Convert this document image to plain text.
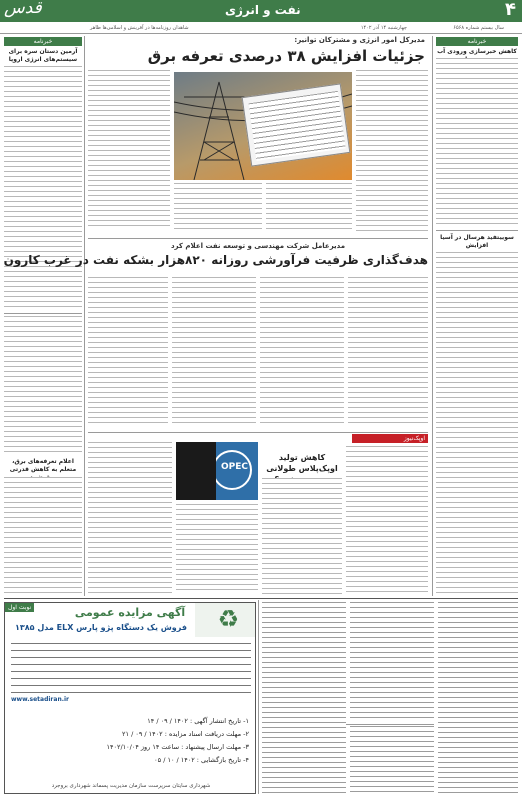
۴
نفت و انرژی
قدس
سال بیستم شماره ۶۵۶۸
چهارشنبه ۱۴ آذر ۱۴۰۲
شاهدان روزنامه‌ها در آفرینش و اسلامی‌ها ظاهر
خبرنامه
آرمین دستان سره برای سیستم‌های انرژی اروپا
اعلام تعرفه‌های برق، متعلم به کاهش قدرتی
مدیرکل امور انرژی و مشترکان توانیر:
جزئیات افزایش ۳۸ درصدی تعرفه برق
مدیرعامل شرکت مهندسی و توسعه نفت اعلام کرد
هدف‌گذاری ظرفیت فرآورشی روزانه ۸۲۰هزار بشکه نفت در غرب کارون
اوپک‌نیوز
OPEC
کاهش تولید اوپک‌پلاس طولانی
خبرنامه
کاهش خبرسازی ورودی آب
سوییتفید هرسال در آسیا افزایش
♻
نوبت اول	آگهی مزایده عمومی
فروش یک دستگاه پژو پارس ELX مدل ۱۳۸۵
www.setadiran.ir
۱- تاریخ انتشار آگهی : ۱۴۰۲ / ۰۹ / ۱۴
۲- مهلت دریافت اسناد مزایده : ۱۴۰۲ / ۰۹ / ۲۱
۳- مهلت ارسال پیشنهاد : ساعت ۱۴ روز ۱۴۰۲/۱۰/۰۴
۴- تاریخ بازگشایی : ۱۴۰۲ / ۱۰ / ۰۵
شهرداری سایتان سرپرست سازمان مدیریت پسماند شهرداری بروجرد
